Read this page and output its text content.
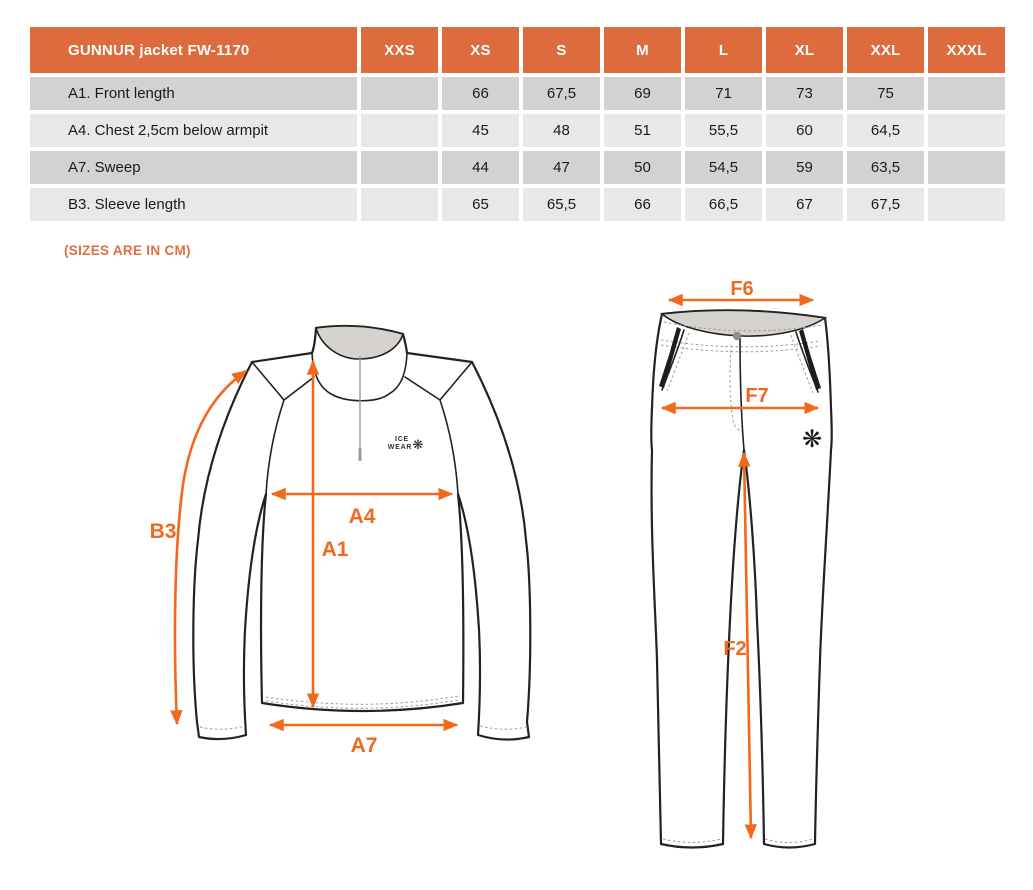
GUNNUR jacket FW-1170	XXS	XS	S	M	L	XL	XXL	XXXL
A1. Front length		66	67,5	69	71	73	75	
A4. Chest 2,5cm below armpit		45	48	51	55,5	60	64,5	
A7. Sweep		44	47	50	54,5	59	63,5	
B3. Sleeve length		65	65,5	66	66,5	67	67,5	
(SIZES ARE IN CM)
ICE
WEAR ❋
B3
A4
A1
A7
❋
F6
F7
F2
